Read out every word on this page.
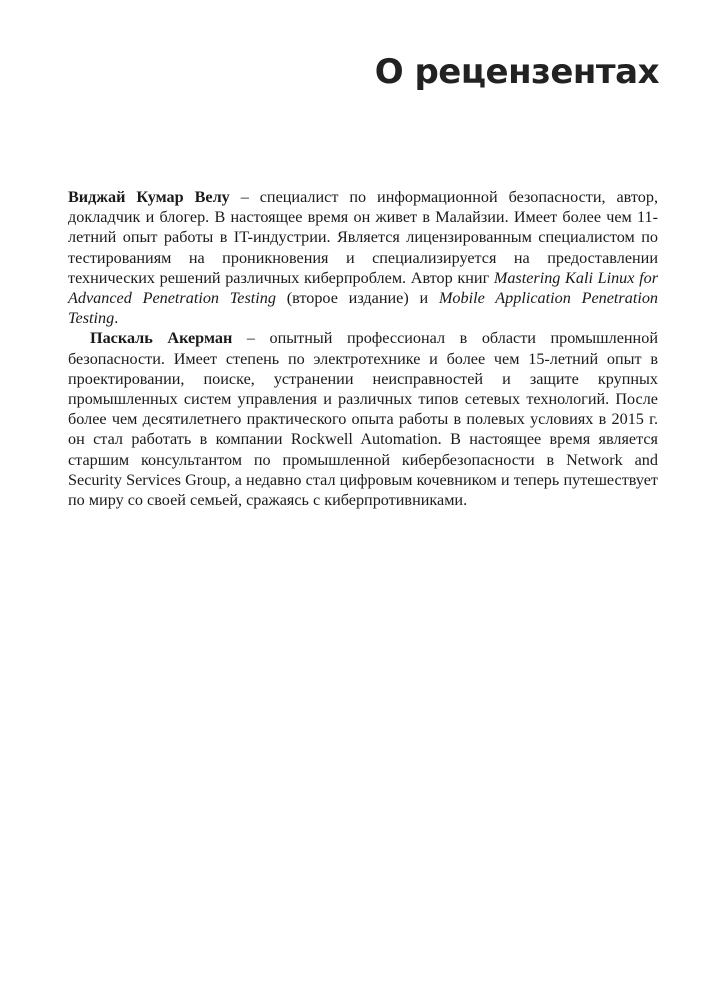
О рецензентах

Виджай Кумар Велу – специалист по информационной безопасности, автор, докладчик и блогер. В настоящее время он живет в Малайзии. Имеет более чем 11-летний опыт работы в IT-индустрии. Является лицензированным специалистом по тестированиям на проникновения и специализируется на предоставлении технических решений различных киберпроблем. Автор книг Mastering Kali Linux for Advanced Penetration Testing (второе издание) и Mobile Application Penetration Testing.

Паскаль Акерман – опытный профессионал в области промышленной безопасности. Имеет степень по электротехнике и более чем 15-летний опыт в проектировании, поиске, устранении неисправностей и защите крупных промышленных систем управления и различных типов сетевых технологий. После более чем десятилетнего практического опыта работы в полевых условиях в 2015 г. он стал работать в компании Rockwell Automation. В настоящее время является старшим консультантом по промышленной кибербезопасности в Network and Security Services Group, а недавно стал цифровым кочевником и теперь путешествует по миру со своей семьей, сражаясь с киберпротивниками.
